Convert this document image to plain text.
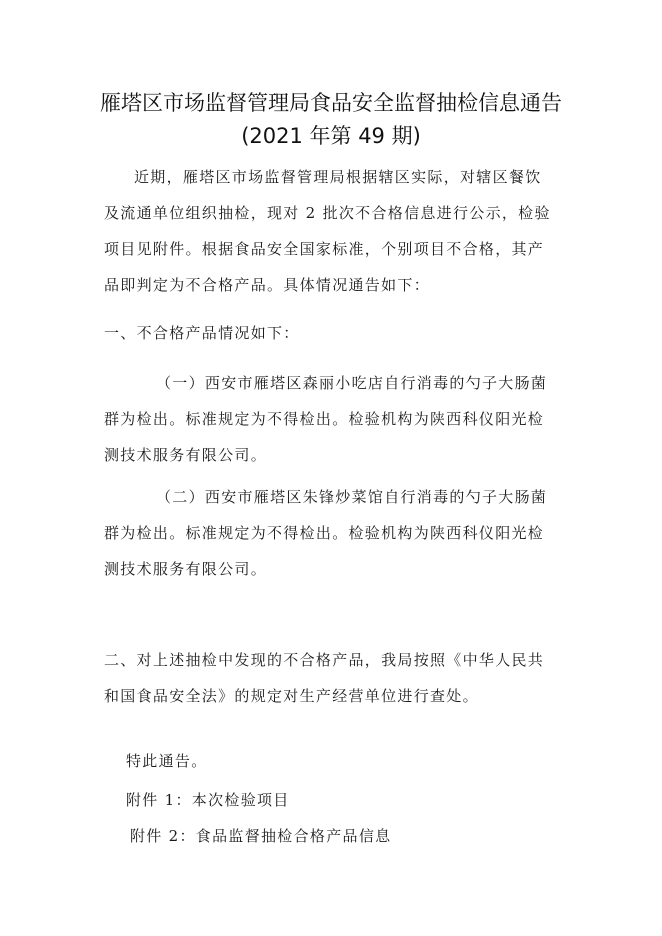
雁塔区市场监督管理局食品安全监督抽检信息通告
(2021 年第 49 期)
近期，雁塔区市场监督管理局根据辖区实际，对辖区餐饮
及流通单位组织抽检，现对 2 批次不合格信息进行公示，检验
项目见附件。根据食品安全国家标准，个别项目不合格，其产
品即判定为不合格产品。具体情况通告如下：
一、不合格产品情况如下：
（一）西安市雁塔区森丽小吃店自行消毒的勺子大肠菌
群为检出。标准规定为不得检出。检验机构为陕西科仪阳光检
测技术服务有限公司。
（二）西安市雁塔区朱锋炒菜馆自行消毒的勺子大肠菌
群为检出。标准规定为不得检出。检验机构为陕西科仪阳光检
测技术服务有限公司。
二、对上述抽检中发现的不合格产品，我局按照《中华人民共
和国食品安全法》的规定对生产经营单位进行查处。
特此通告。
附件 1：本次检验项目
附件 2：食品监督抽检合格产品信息
